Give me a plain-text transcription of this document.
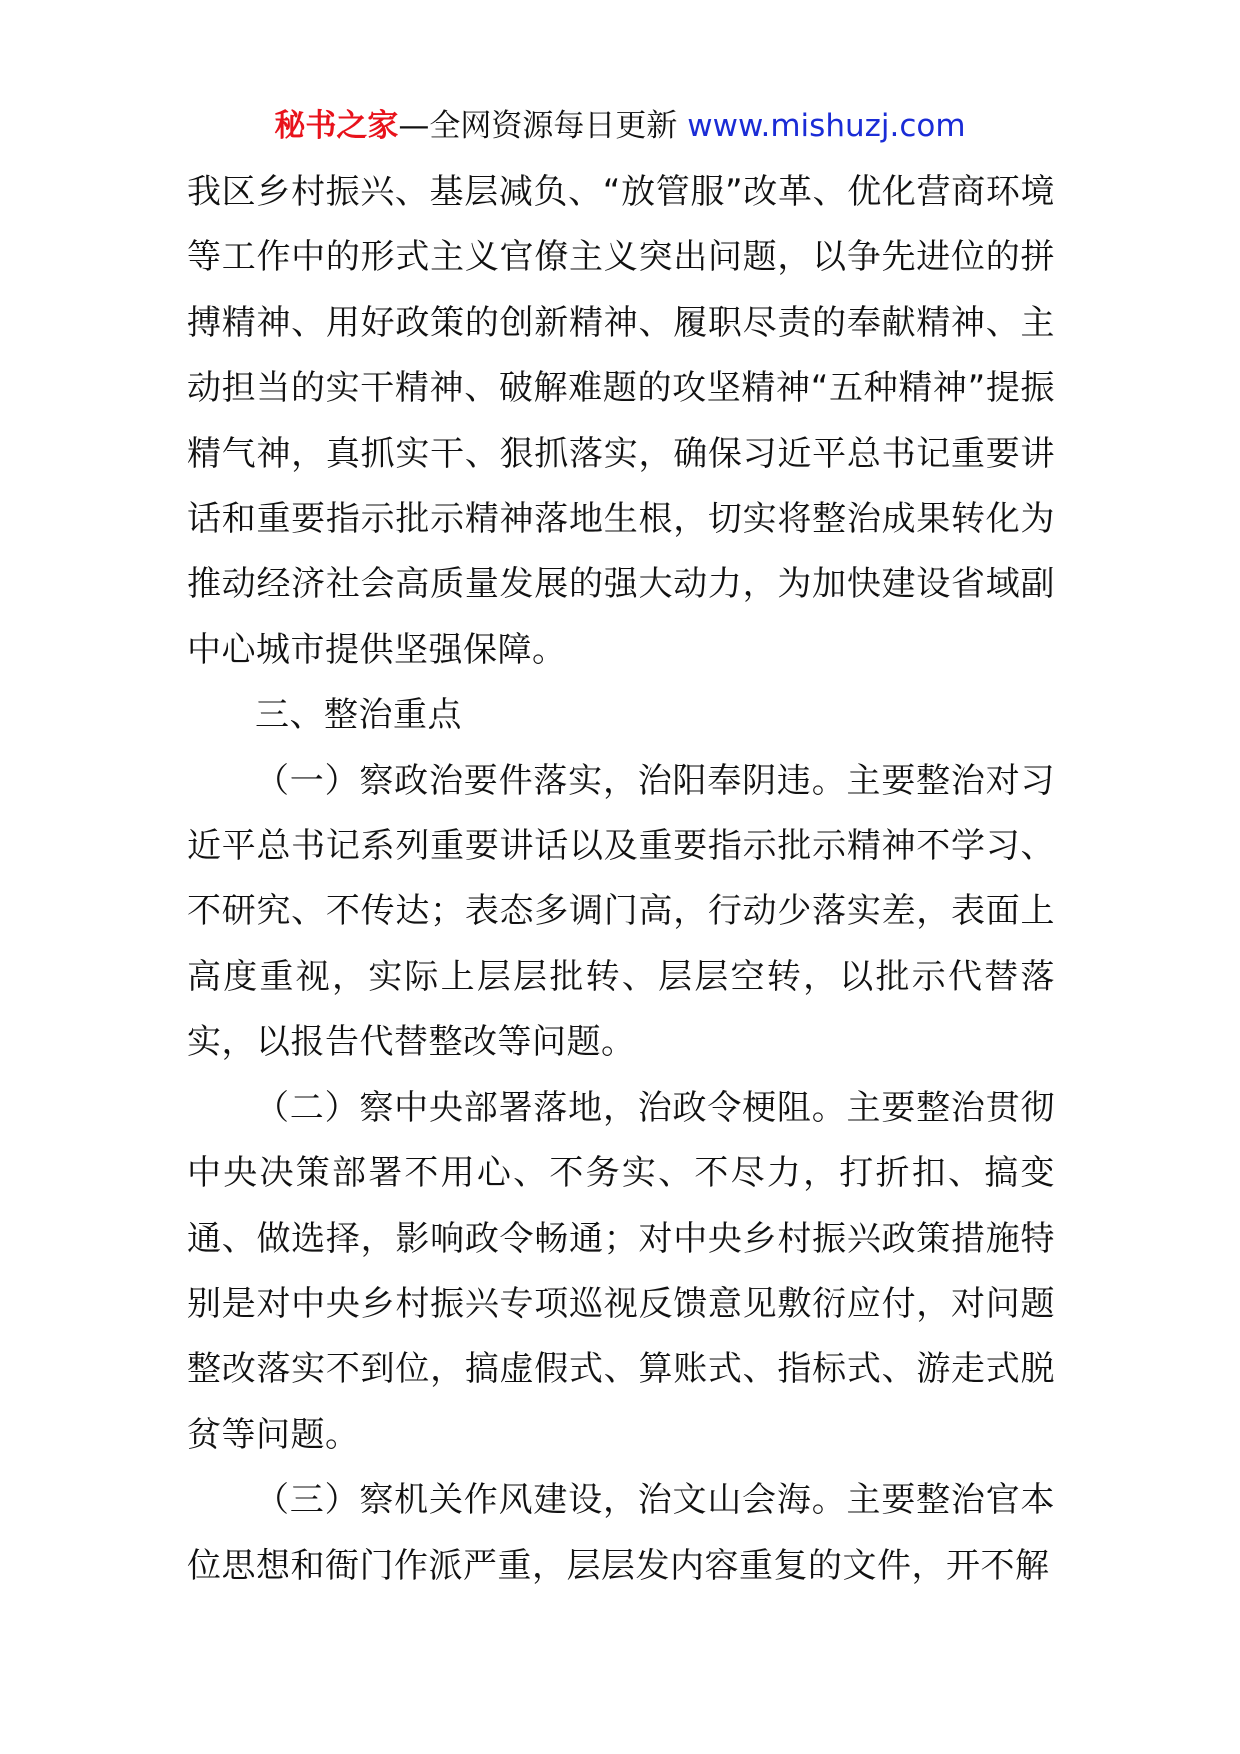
秘书之家—全网资源每日更新 www.mishuzj.com

我区乡村振兴、基层减负、“放管服”改革、优化营商环境等工作中的形式主义官僚主义突出问题，以争先进位的拼搏精神、用好政策的创新精神、履职尽责的奉献精神、主动担当的实干精神、破解难题的攻坚精神“五种精神”提振精气神，真抓实干、狠抓落实，确保习近平总书记重要讲话和重要指示批示精神落地生根，切实将整治成果转化为推动经济社会高质量发展的强大动力，为加快建设省域副中心城市提供坚强保障。

三、整治重点

（一）察政治要件落实，治阳奉阴违。主要整治对习近平总书记系列重要讲话以及重要指示批示精神不学习、不研究、不传达；表态多调门高，行动少落实差，表面上高度重视，实际上层层批转、层层空转，以批示代替落实，以报告代替整改等问题。

（二）察中央部署落地，治政令梗阻。主要整治贯彻中央决策部署不用心、不务实、不尽力，打折扣、搞变通、做选择，影响政令畅通；对中央乡村振兴政策措施特别是对中央乡村振兴专项巡视反馈意见敷衍应付，对问题整改落实不到位，搞虚假式、算账式、指标式、游走式脱贫等问题。

（三）察机关作风建设，治文山会海。主要整治官本位思想和衙门作派严重，层层发内容重复的文件，开不解
